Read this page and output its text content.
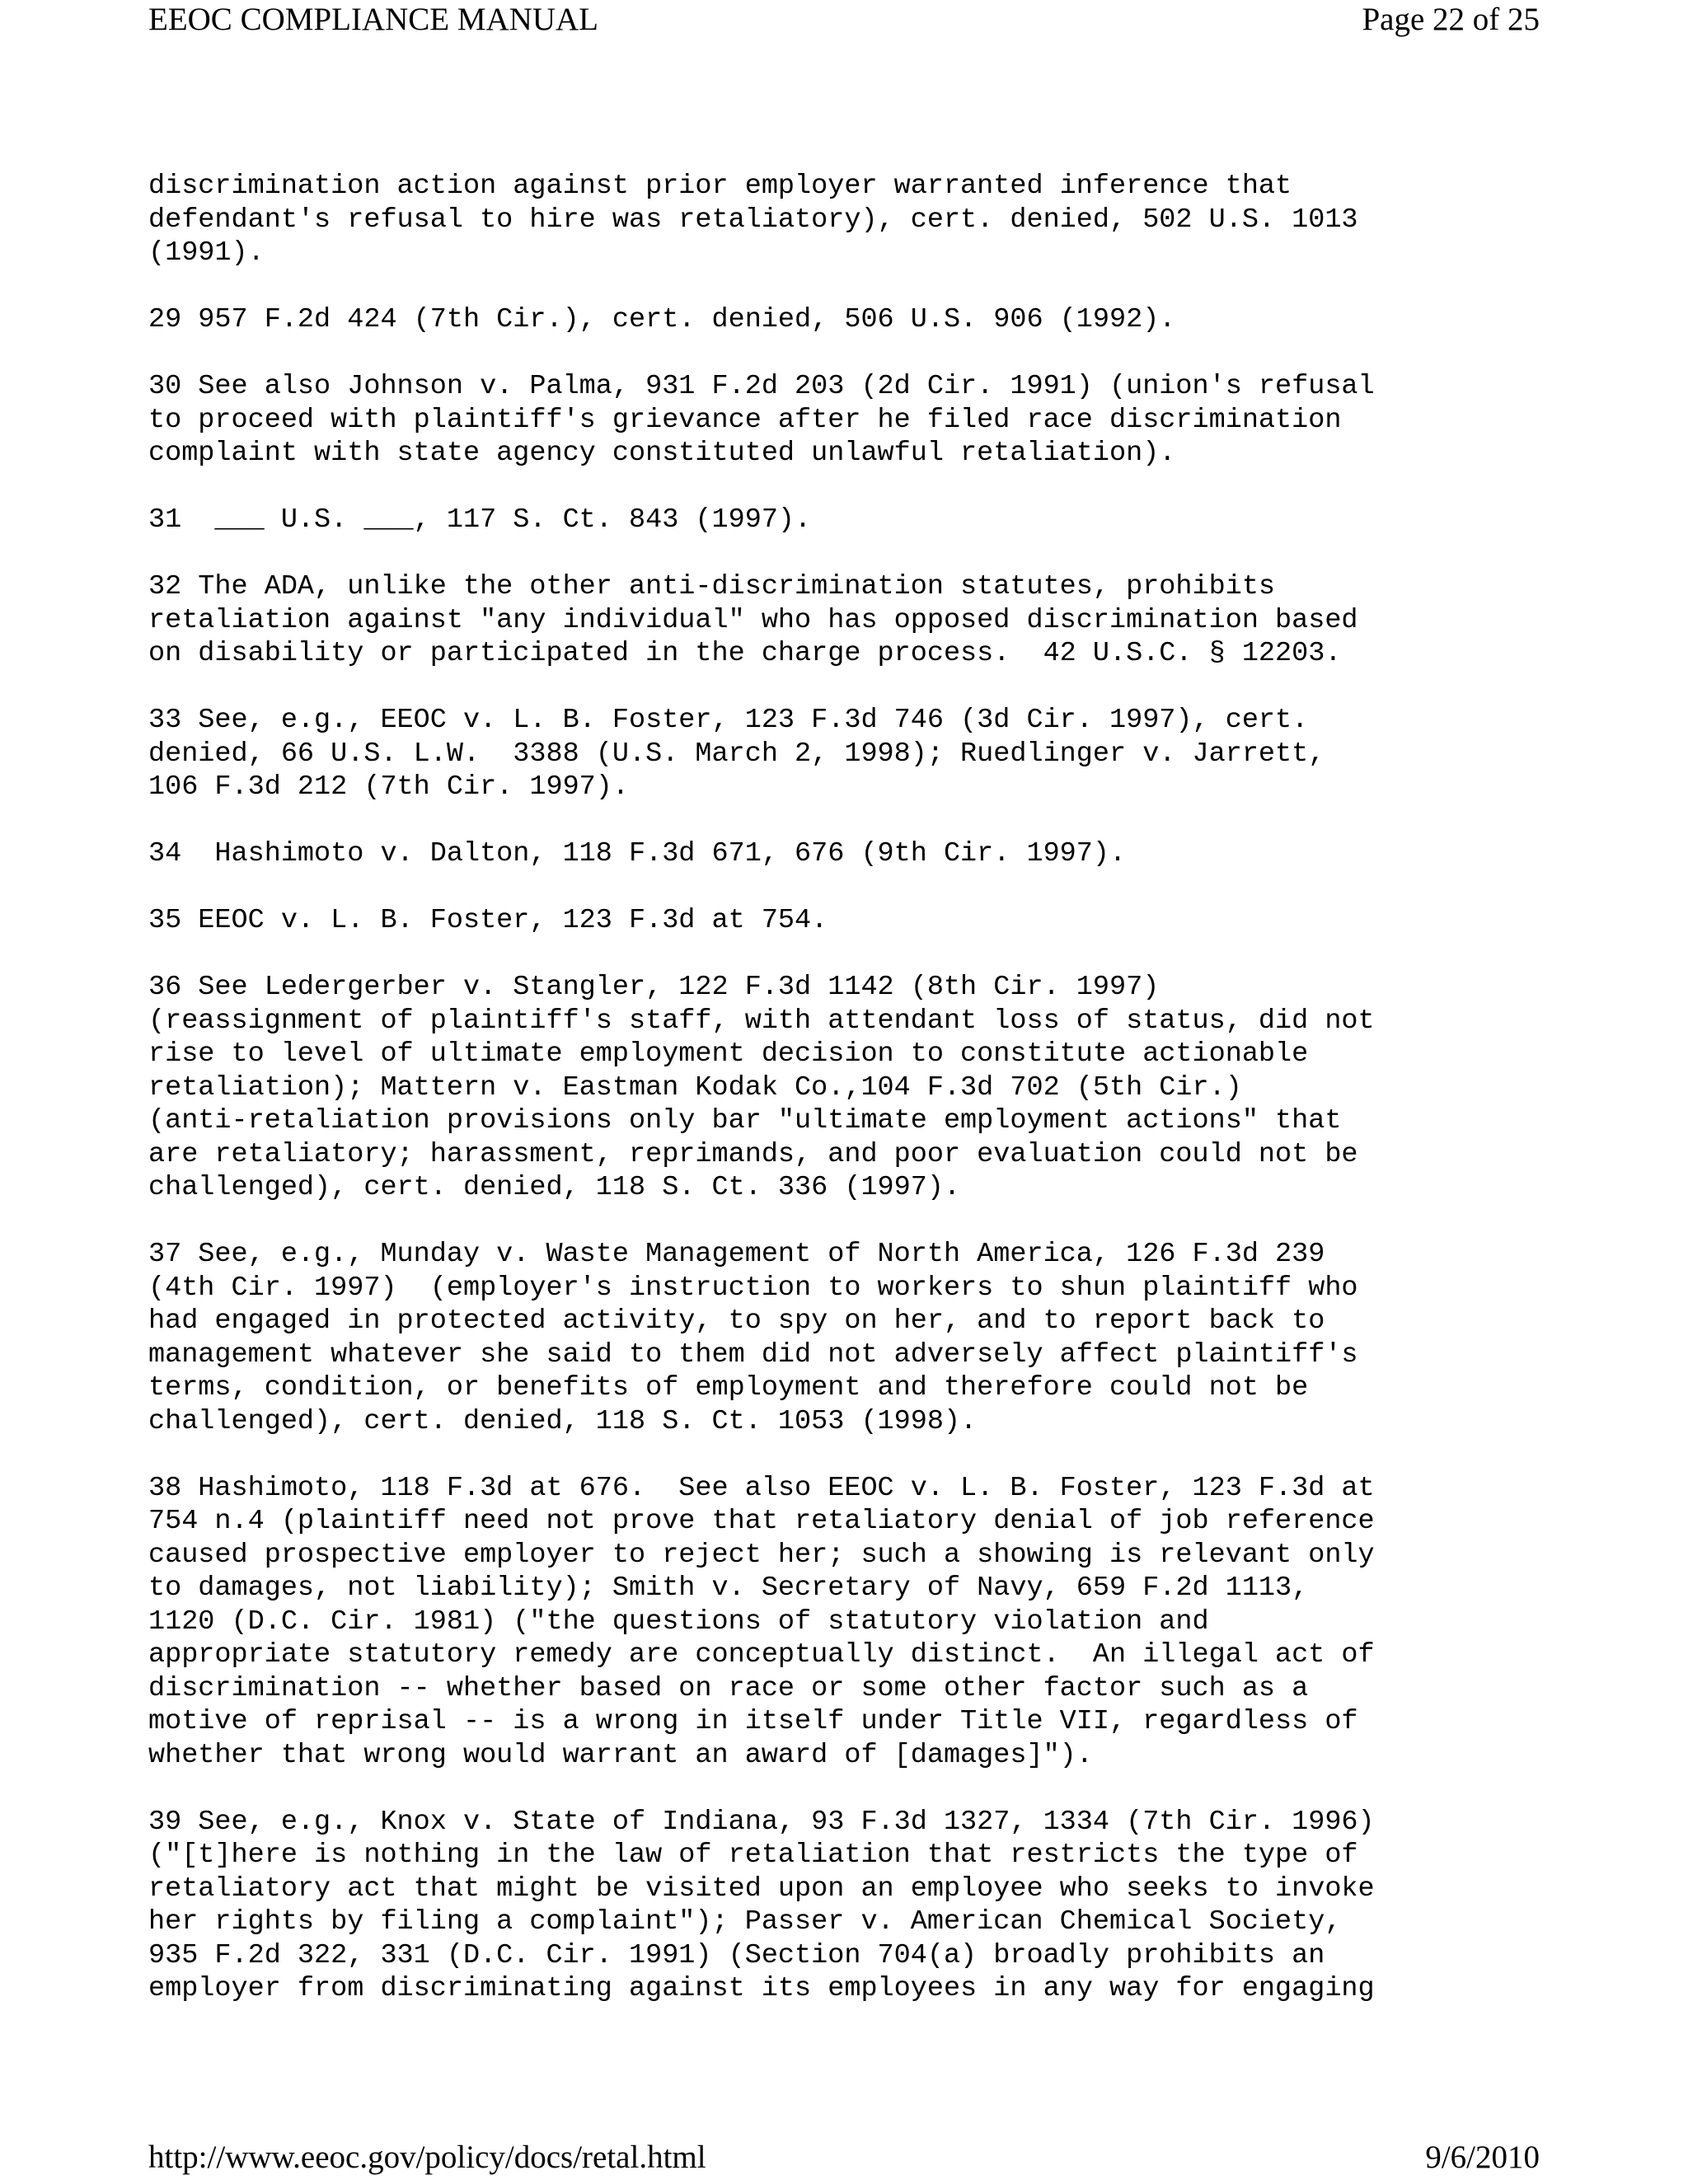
EEOC COMPLIANCE MANUAL	Page 22 of 25

discrimination action against prior employer warranted inference that
defendant's refusal to hire was retaliatory), cert. denied, 502 U.S. 1013
(1991).

29 957 F.2d 424 (7th Cir.), cert. denied, 506 U.S. 906 (1992).

30 See also Johnson v. Palma, 931 F.2d 203 (2d Cir. 1991) (union's refusal
to proceed with plaintiff's grievance after he filed race discrimination
complaint with state agency constituted unlawful retaliation).

31  ___ U.S. ___, 117 S. Ct. 843 (1997).

32 The ADA, unlike the other anti-discrimination statutes, prohibits
retaliation against "any individual" who has opposed discrimination based
on disability or participated in the charge process.  42 U.S.C. § 12203.

33 See, e.g., EEOC v. L. B. Foster, 123 F.3d 746 (3d Cir. 1997), cert.
denied, 66 U.S. L.W.  3388 (U.S. March 2, 1998); Ruedlinger v. Jarrett,
106 F.3d 212 (7th Cir. 1997).

34  Hashimoto v. Dalton, 118 F.3d 671, 676 (9th Cir. 1997).

35 EEOC v. L. B. Foster, 123 F.3d at 754.

36 See Ledergerber v. Stangler, 122 F.3d 1142 (8th Cir. 1997)
(reassignment of plaintiff's staff, with attendant loss of status, did not
rise to level of ultimate employment decision to constitute actionable
retaliation); Mattern v. Eastman Kodak Co.,104 F.3d 702 (5th Cir.)
(anti-retaliation provisions only bar "ultimate employment actions" that
are retaliatory; harassment, reprimands, and poor evaluation could not be
challenged), cert. denied, 118 S. Ct. 336 (1997).

37 See, e.g., Munday v. Waste Management of North America, 126 F.3d 239
(4th Cir. 1997)  (employer's instruction to workers to shun plaintiff who
had engaged in protected activity, to spy on her, and to report back to
management whatever she said to them did not adversely affect plaintiff's
terms, condition, or benefits of employment and therefore could not be
challenged), cert. denied, 118 S. Ct. 1053 (1998).

38 Hashimoto, 118 F.3d at 676.  See also EEOC v. L. B. Foster, 123 F.3d at
754 n.4 (plaintiff need not prove that retaliatory denial of job reference
caused prospective employer to reject her; such a showing is relevant only
to damages, not liability); Smith v. Secretary of Navy, 659 F.2d 1113,
1120 (D.C. Cir. 1981) ("the questions of statutory violation and
appropriate statutory remedy are conceptually distinct.  An illegal act of
discrimination -- whether based on race or some other factor such as a
motive of reprisal -- is a wrong in itself under Title VII, regardless of
whether that wrong would warrant an award of [damages]").

39 See, e.g., Knox v. State of Indiana, 93 F.3d 1327, 1334 (7th Cir. 1996)
("[t]here is nothing in the law of retaliation that restricts the type of
retaliatory act that might be visited upon an employee who seeks to invoke
her rights by filing a complaint"); Passer v. American Chemical Society,
935 F.2d 322, 331 (D.C. Cir. 1991) (Section 704(a) broadly prohibits an
employer from discriminating against its employees in any way for engaging

http://www.eeoc.gov/policy/docs/retal.html	9/6/2010
